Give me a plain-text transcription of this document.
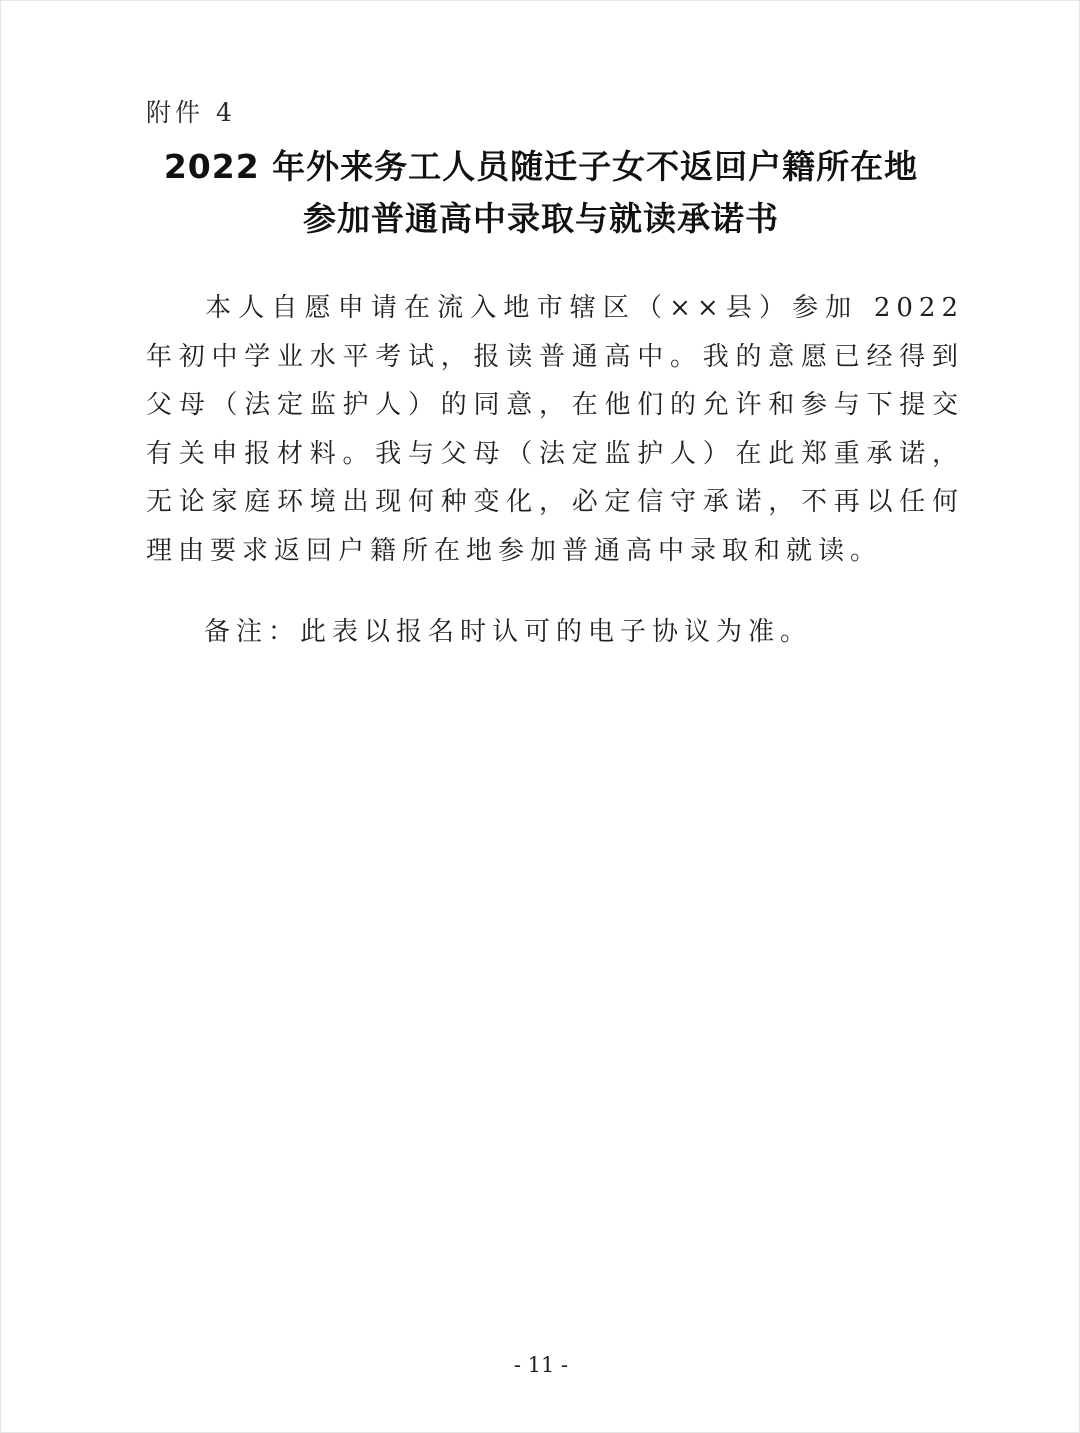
附件 4
2022 年外来务工人员随迁子女不返回户籍所在地
参加普通高中录取与就读承诺书

本人自愿申请在流入地市辖区（××县）参加 2022 年初中学业水平考试，报读普通高中。我的意愿已经得到父母（法定监护人）的同意，在他们的允许和参与下提交有关申报材料。我与父母（法定监护人）在此郑重承诺，无论家庭环境出现何种变化，必定信守承诺，不再以任何理由要求返回户籍所在地参加普通高中录取和就读。

备注：此表以报名时认可的电子协议为准。

- 11 -
